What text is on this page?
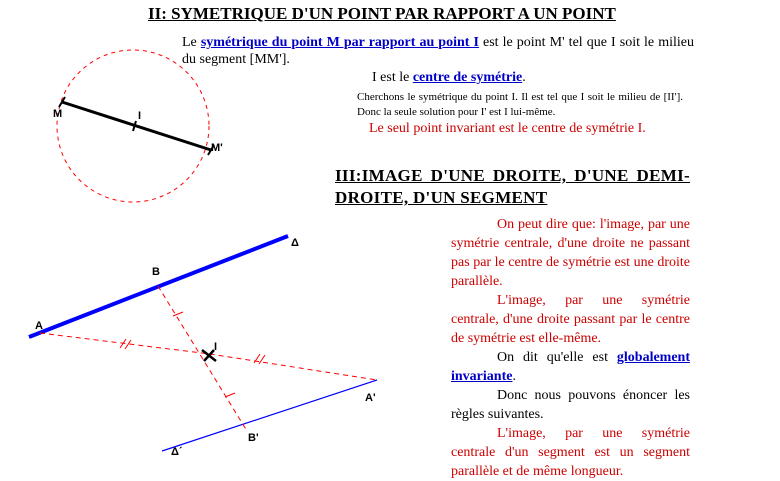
II: SYMETRIQUE D'UN POINT PAR RAPPORT A UN POINT
Le symétrique du point M par rapport au point I est le point M' tel que I soit le milieu du segment [MM'].
I est le centre de symétrie.
Cherchons le symétrique du point I. Il est tel que I soit le milieu de [II']. Donc la seule solution pour I' est I lui-même.
Le seul point invariant est le centre de symétrie I.
III:IMAGE D'UNE DROITE, D'UNE DEMI-DROITE, D'UN SEGMENT

On peut dire que: l'image, par une symétrie centrale, d'une droite ne passant pas par le centre de symétrie est une droite parallèle.

L'image, par une symétrie centrale, d'une droite passant par le centre de symétrie est elle-même.

On dit qu'elle est globalement invariante.

Donc nous pouvons énoncer les règles suivantes.

L'image, par une symétrie centrale d'un segment est un segment parallèle et de même longueur.

M	I
M'
Δ
B
A
I
A'
B'
Δ´
